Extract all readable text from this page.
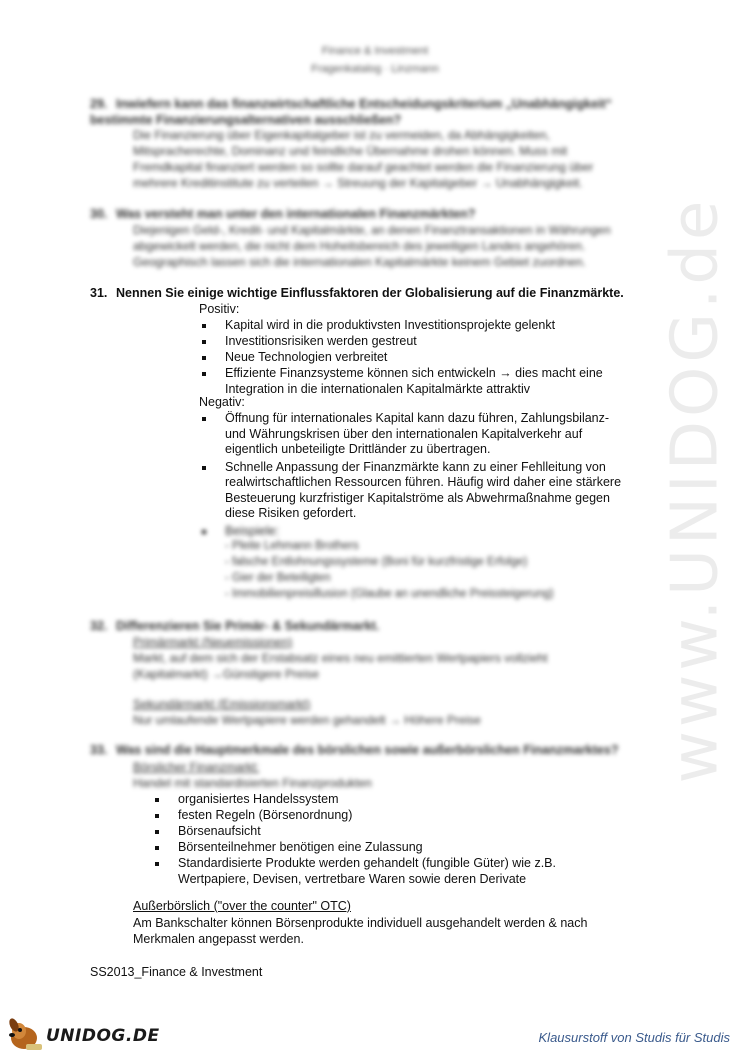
www.UNIDOG.de
Finance & Investment
Fragenkatalog · Linzmann
29. Inwiefern kann das finanzwirtschaftliche Entscheidungskriterium „Unabhängigkeit“ bestimmte Finanzierungsalternativen ausschließen?
Die Finanzierung über Eigenkapitalgeber ist zu vermeiden, da Abhängigkeiten, Mitspracherechte, Dominanz und feindliche Übernahme drohen können. Muss mit Fremdkapital finanziert werden so sollte darauf geachtet werden die Finanzierung über mehrere Kreditinstitute zu verteilen → Streuung der Kapitalgeber → Unabhängigkeit.
30. Was versteht man unter den internationalen Finanzmärkten?
Diejenigen Geld-, Kredit- und Kapitalmärkte, an denen Finanztransaktionen in Währungen abgewickelt werden, die nicht dem Hoheitsbereich des jeweiligen Landes angehören. Geographisch lassen sich die internationalen Kapitalmärkte keinem Gebiet zuordnen.
31. Nennen Sie einige wichtige Einflussfaktoren der Globalisierung auf die Finanzmärkte.
Positiv:
Kapital wird in die produktivsten Investitionsprojekte gelenkt
Investitionsrisiken werden gestreut
Neue Technologien verbreitet
Effiziente Finanzsysteme können sich entwickeln → dies macht eine Integration in die internationalen Kapitalmärkte attraktiv
Negativ:
Öffnung für internationales Kapital kann dazu führen, Zahlungsbilanz- und Währungskrisen über den internationalen Kapitalverkehr auf eigentlich unbeteiligte Drittländer zu übertragen.
Schnelle Anpassung der Finanzmärkte kann zu einer Fehlleitung von realwirtschaftlichen Ressourcen führen. Häufig wird daher eine stärkere Besteuerung kurzfristiger Kapitalströme als Abwehrmaßnahme gegen diese Risiken gefordert.
Beispiele:
- Pleite Lehmann Brothers
- falsche Entlohnungssysteme (Boni für kurzfristige Erfolge)
- Gier der Beteiligten
- Immobilienpreisillusion (Glaube an unendliche Preissteigerung)
32. Differenzieren Sie Primär- & Sekundärmarkt.
Primärmarkt (Neuemissionen)
Markt, auf dem sich der Erstabsatz eines neu emittierten Wertpapiers vollzieht
(Kapitalmarkt) →Günstigere Preise
Sekundärmarkt (Emissionsmarkt)
Nur umlaufende Wertpapiere werden gehandelt → Höhere Preise
33. Was sind die Hauptmerkmale des börslichen sowie außerbörslichen Finanzmarktes?
Börslicher Finanzmarkt:
Handel mit standardisierten Finanzprodukten
organisiertes Handelssystem
festen Regeln (Börsenordnung)
Börsenaufsicht
Börsenteilnehmer benötigen eine Zulassung
Standardisierte Produkte werden gehandelt (fungible Güter) wie z.B. Wertpapiere, Devisen, vertretbare Waren sowie deren Derivate
Außerbörslich ("over the counter" OTC)
Am Bankschalter können Börsenprodukte individuell ausgehandelt werden & nach Merkmalen angepasst werden.
SS2013_Finance & Investment
UNIDOG.DE	Klausurstoff von Studis für Studis
